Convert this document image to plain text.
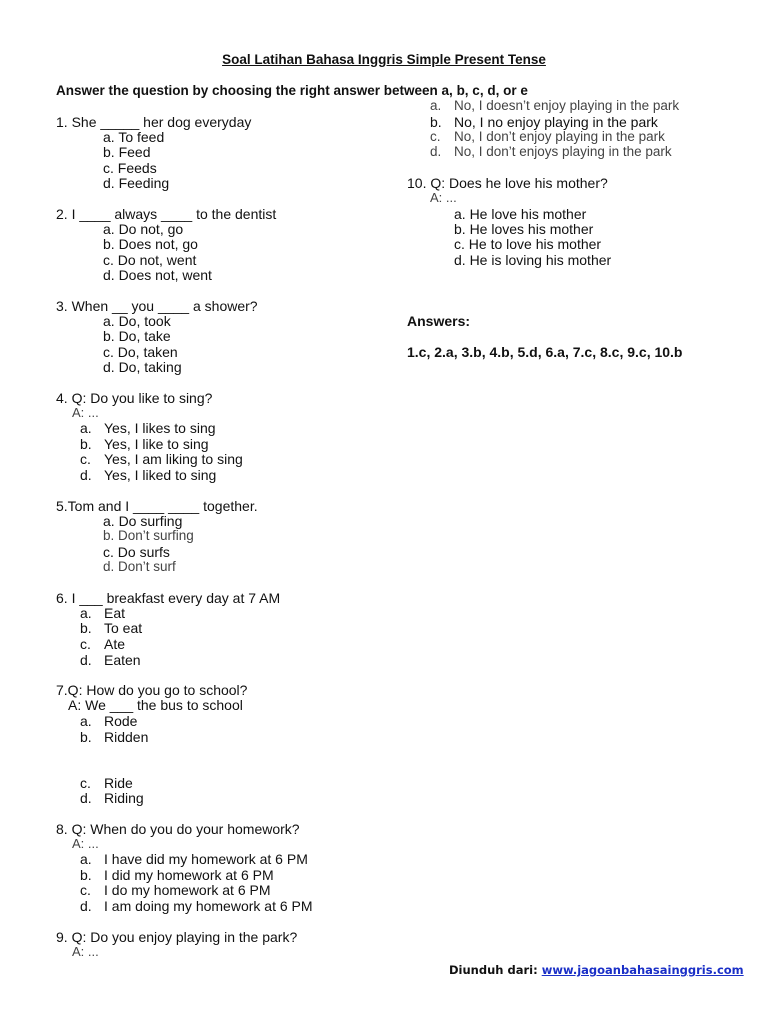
Soal Latihan Bahasa Inggris Simple Present Tense
Answer the question by choosing the right answer between a, b, c, d, or e
1. She _____ her dog everyday
a. To feed
b. Feed
c. Feeds
d. Feeding
2. I ____ always ____ to the dentist
a. Do not, go
b. Does not, go
c. Do not, went
d. Does not, went
3. When __ you ____ a shower?
a. Do, took
b. Do, take
c. Do, taken
d. Do, taking
4. Q: Do you like to sing?
A: ...
a. Yes, I likes to sing
b. Yes, I like to sing
c. Yes, I am liking to sing
d. Yes, I liked to sing
5.Tom and I ____ ____ together.
a. Do surfing
b. Don’t surfing
c. Do surfs
d. Don’t surf
6. I ___ breakfast every day at 7 AM
a. Eat
b. To eat
c. Ate
d. Eaten
7.Q: How do you go to school?
A: We ___ the bus to school
a. Rode
b. Ridden
c. Ride
d. Riding
8. Q: When do you do your homework?
A: ...
a. I have did my homework at 6 PM
b. I did my homework at 6 PM
c. I do my homework at 6 PM
d. I am doing my homework at 6 PM
9. Q: Do you enjoy playing in the park?
A: ...
a. No, I doesn’t enjoy playing in the park
b. No, I no enjoy playing in the park
c. No, I don’t enjoy playing in the park
d. No, I don’t enjoys playing in the park
10. Q: Does he love his mother?
A: ...
a. He love his mother
b. He loves his mother
c. He to love his mother
d. He is loving his mother
Answers:
1.c, 2.a, 3.b, 4.b, 5.d, 6.a, 7.c, 8.c, 9.c, 10.b
Diunduh dari: www.jagoanbahasainggris.com
